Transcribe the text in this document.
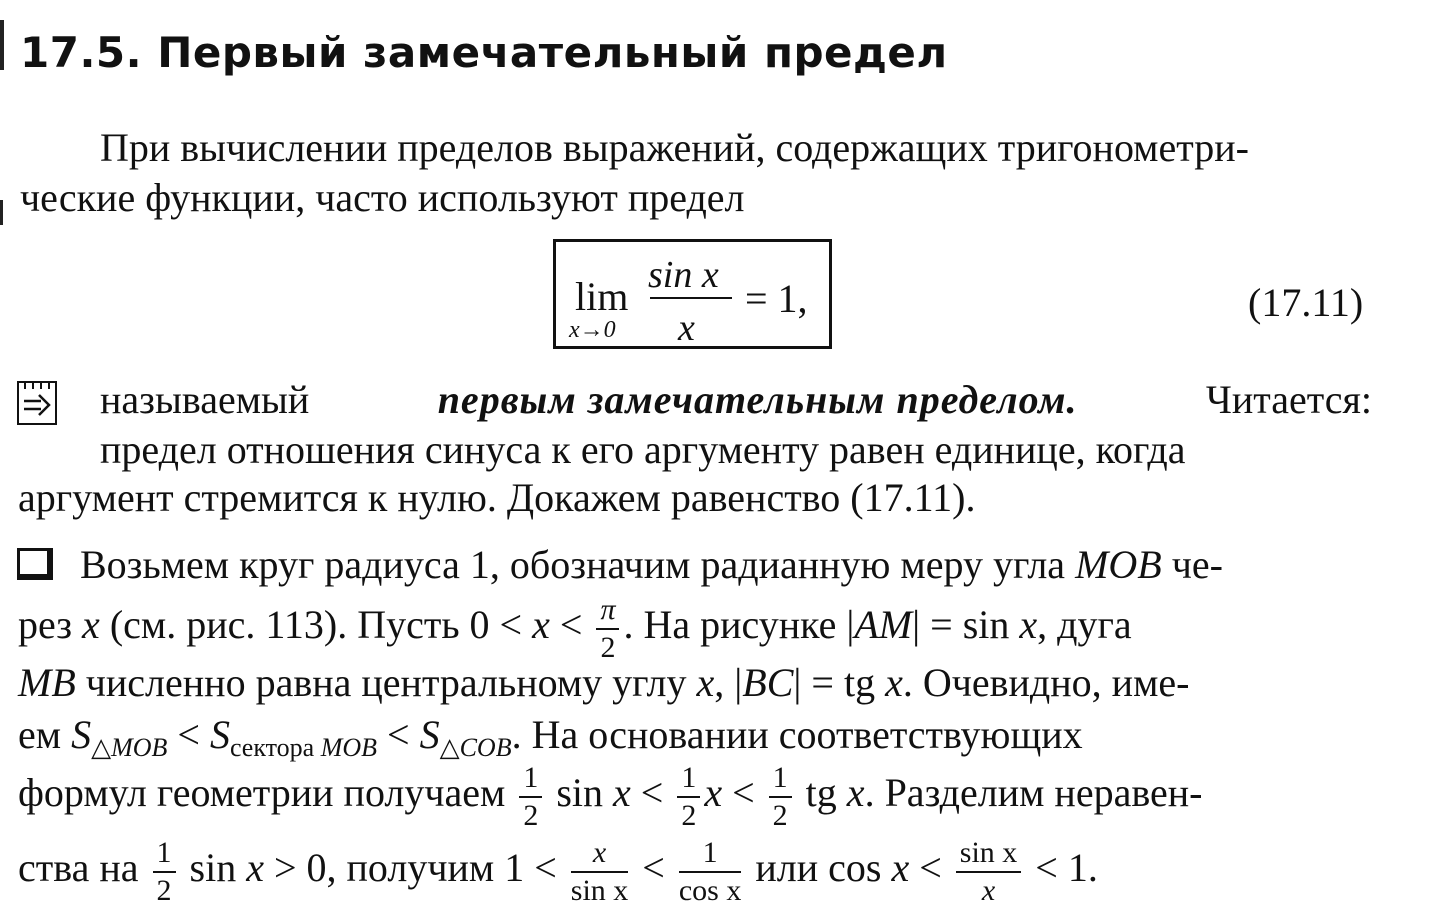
17.5. Первый замечательный предел
При вычислении пределов выражений, содержащих тригонометри-
ческие функции, часто используют предел
lim
x→0
sin x
x
= 1,	(17.11)
называемый	первым замечательным пределом.	Читается:
предел отношения синуса к его аргументу равен единице, когда
аргумент стремится к нулю. Докажем равенство (17.11).
Возьмем круг радиуса 1, обозначим радианную меру угла MOB че-
рез x (см. рис. 113). Пусть $0 < x < \frac{\pi}{2}$ . На рисунке |AM| = sin x, дуга
MB численно равна центральному углу x, |BC| = tg x. Очевидно, име-
ем $S_{\triangle MOB} < S_{сектора}$ $_{MOB} < S_{\triangle COB}$. На основании соответствующих
формул геометрии получаем $\frac{1}{2}$ $\sin x < \frac{1}{2}$ $x < \frac{1}{2}$ tg x. Разделим неравен-
ства на $\frac{1}{2}$ sin x > 0, получим $1 < \frac{x}{\text{sin x}} < \frac{1}{\text{cos x}}$ или $\cos x < \frac{\text{sin x}}{x} < 1$.
